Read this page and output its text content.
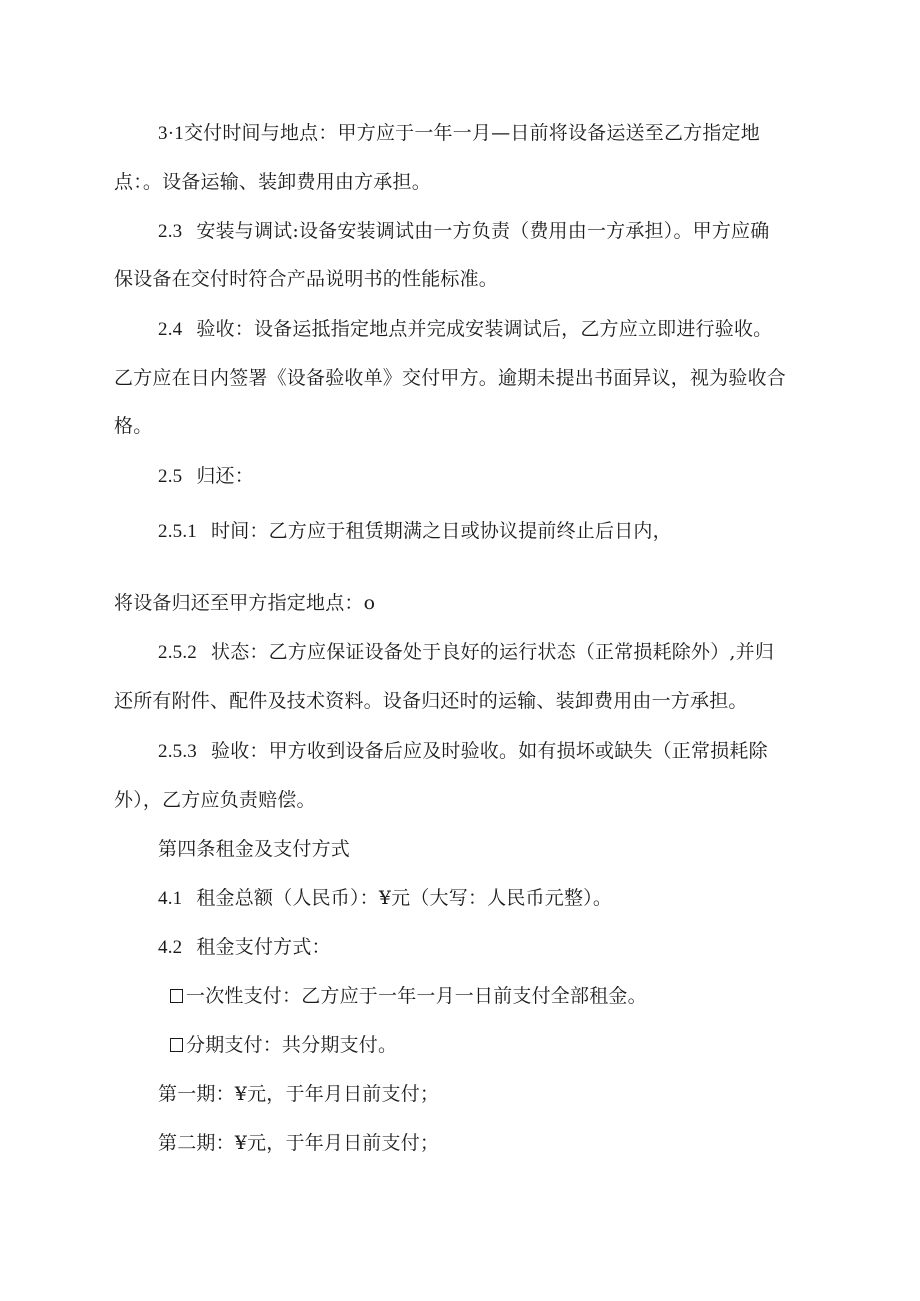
3·1交付时间与地点：甲方应于一年一月—日前将设备运送至乙方指定地
点：。设备运输、装卸费用由方承担。
2.3 安装与调试:设备安装调试由一方负责（费用由一方承担）。甲方应确
保设备在交付时符合产品说明书的性能标准。
2.4 验收：设备运抵指定地点并完成安装调试后，乙方应立即进行验收。
乙方应在日内签署《设备验收单》交付甲方。逾期未提出书面异议，视为验收合
格。
2.5 归还：
2.5.1 时间：乙方应于租赁期满之日或协议提前终止后日内，
将设备归还至甲方指定地点：o
2.5.2 状态：乙方应保证设备处于良好的运行状态（正常损耗除外）,并归
还所有附件、配件及技术资料。设备归还时的运输、装卸费用由一方承担。
2.5.3 验收：甲方收到设备后应及时验收。如有损坏或缺失（正常损耗除
外），乙方应负责赔偿。
第四条租金及支付方式
4.1 租金总额（人民币）：¥元（大写：人民币元整）。
4.2 租金支付方式：
一次性支付：乙方应于一年一月一日前支付全部租金。
分期支付：共分期支付。
第一期：¥元，于年月日前支付；
第二期：¥元，于年月日前支付；
